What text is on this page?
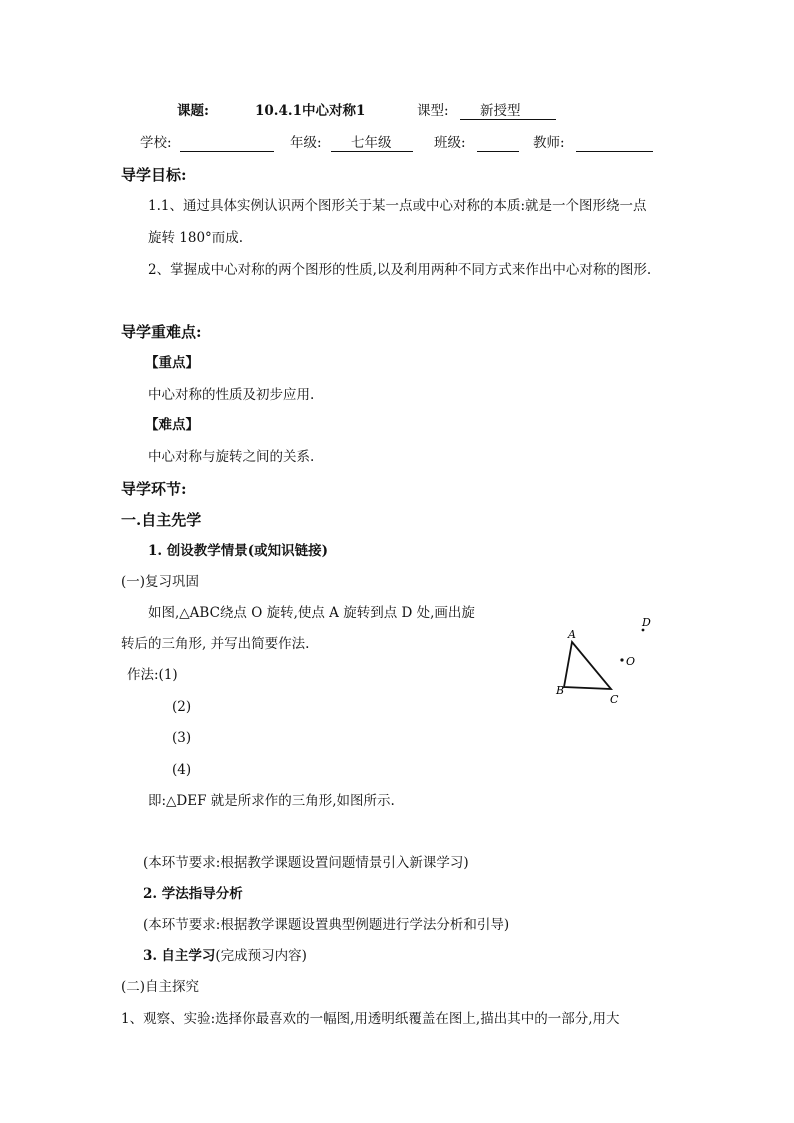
课题:	10.4.1中心对称1	课型: 新授型
学校:	年级: 七年级	班级:	教师:
导学目标:
1.1、通过具体实例认识两个图形关于某一点或中心对称的本质:就是一个图形绕一点
旋转 180°而成.
2、掌握成中心对称的两个图形的性质,以及利用两种不同方式来作出中心对称的图形.
导学重难点:
【重点】
中心对称的性质及初步应用.
【难点】
中心对称与旋转之间的关系.
导学环节:
一.自主先学
1. 创设教学情景(或知识链接)
(一)复习巩固
如图,△ABC绕点 O 旋转,使点 A 旋转到点 D 处,画出旋
转后的三角形, 并写出简要作法.
作法:(1)
(2)
(3)
(4)
即:△DEF 就是所求作的三角形,如图所示.
(本环节要求:根据教学课题设置问题情景引入新课学习)
2. 学法指导分析
(本环节要求:根据教学课题设置典型例题进行学法分析和引导)
3. 自主学习(完成预习内容)
(二)自主探究
1、观察、实验:选择你最喜欢的一幅图,用透明纸覆盖在图上,描出其中的一部分,用大
A
B
C
D
O
